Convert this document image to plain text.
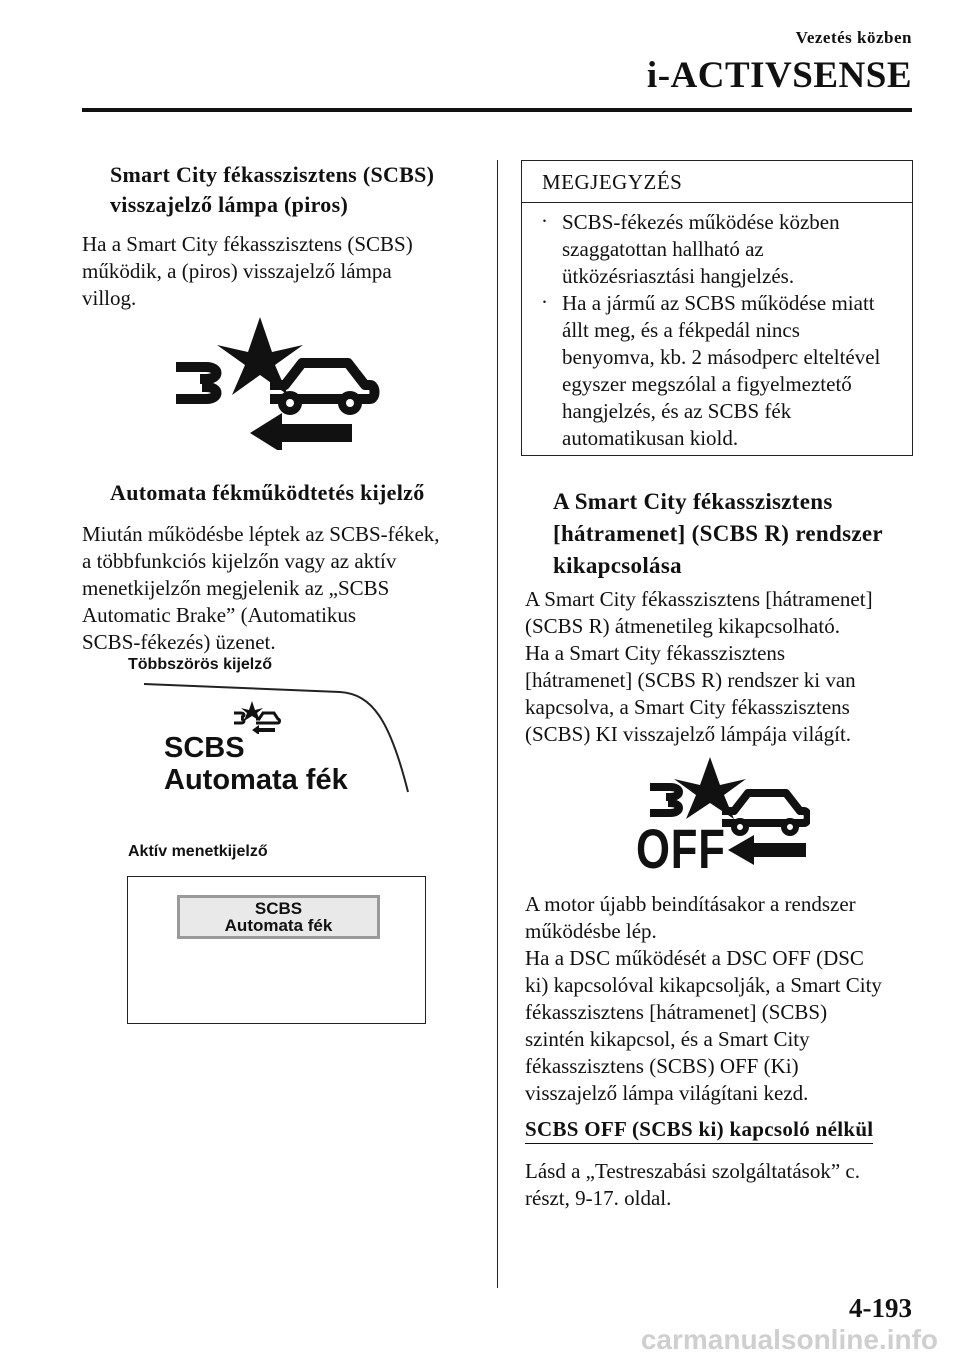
Vezetés közben
i-ACTIVSENSE
Smart City fékasszisztens (SCBS)
visszajelző lámpa (piros)
Ha a Smart City fékasszisztens (SCBS)
működik, a (piros) visszajelző lámpa
villog.
Automata fékműködtetés kijelző
Miután működésbe léptek az SCBS-fékek,
a többfunkciós kijelzőn vagy az aktív
menetkijelzőn megjelenik az „SCBS
Automatic Brake” (Automatikus
SCBS-fékezés) üzenet.
Többszörös kijelző
SCBS
Automata fék
Aktív menetkijelző
SCBS
Automata fék
MEGJEGYZÉS
· SCBS-fékezés működése közben
szaggatottan hallható az
ütközésriasztási hangjelzés.
· Ha a jármű az SCBS működése miatt
állt meg, és a fékpedál nincs
benyomva, kb. 2 másodperc elteltével
egyszer megszólal a figyelmeztető
hangjelzés, és az SCBS fék
automatikusan kiold.
A Smart City fékasszisztens
[hátramenet] (SCBS R) rendszer
kikapcsolása
A Smart City fékasszisztens [hátramenet]
(SCBS R) átmenetileg kikapcsolható.
Ha a Smart City fékasszisztens
[hátramenet] (SCBS R) rendszer ki van
kapcsolva, a Smart City fékasszisztens
(SCBS) KI visszajelző lámpája világít.
OFF
A motor újabb beindításakor a rendszer
működésbe lép.
Ha a DSC működését a DSC OFF (DSC
ki) kapcsolóval kikapcsolják, a Smart City
fékasszisztens [hátramenet] (SCBS)
szintén kikapcsol, és a Smart City
fékasszisztens (SCBS) OFF (Ki)
visszajelző lámpa világítani kezd.
SCBS OFF (SCBS ki) kapcsoló nélkül
Lásd a „Testreszabási szolgáltatások” c.
részt, 9-17. oldal.
4-193
carmanualsonline.info
